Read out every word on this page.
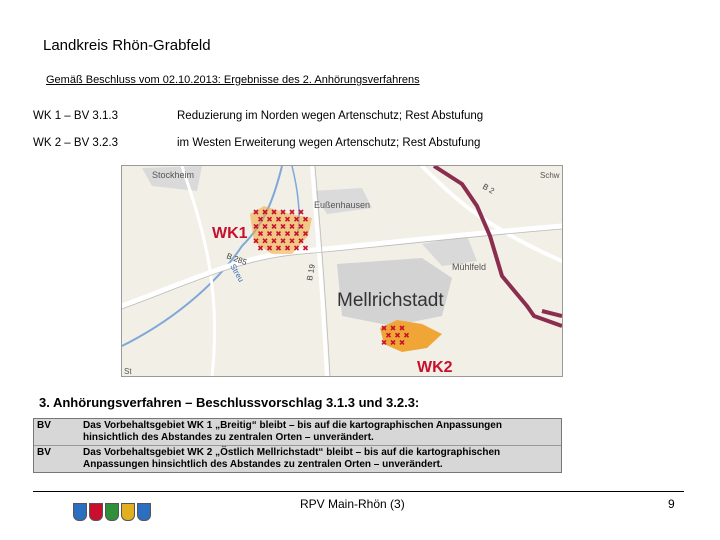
Landkreis Rhön-Grabfeld
Gemäß Beschluss vom 02.10.2013: Ergebnisse des 2. Anhörungsverfahrens
WK 1 – BV 3.1.3	Reduzierung im Norden wegen Artenschutz; Rest Abstufung
WK 2 – BV 3.2.3	im Westen Erweiterung wegen Artenschutz; Rest Abstufung
Stockheim
Eußenhausen
Mühlfeld
Mellrichstadt
WK1
WK2
B 285
B 19
B 2
Streu
Schw
St
3. Anhörungsverfahren – Beschlussvorschlag 3.1.3 und 3.2.3:
BV	Das Vorbehaltsgebiet WK 1 „Breitig“ bleibt – bis auf die kartographischen Anpassungen hinsichtlich des Abstandes zu zentralen Orten – unverändert.
BV	Das Vorbehaltsgebiet WK 2 „Östlich Mellrichstadt“ bleibt – bis auf die kartographischen Anpassungen hinsichtlich des Abstandes zu zentralen Orten – unverändert.
RPV Main-Rhön (3)	9
